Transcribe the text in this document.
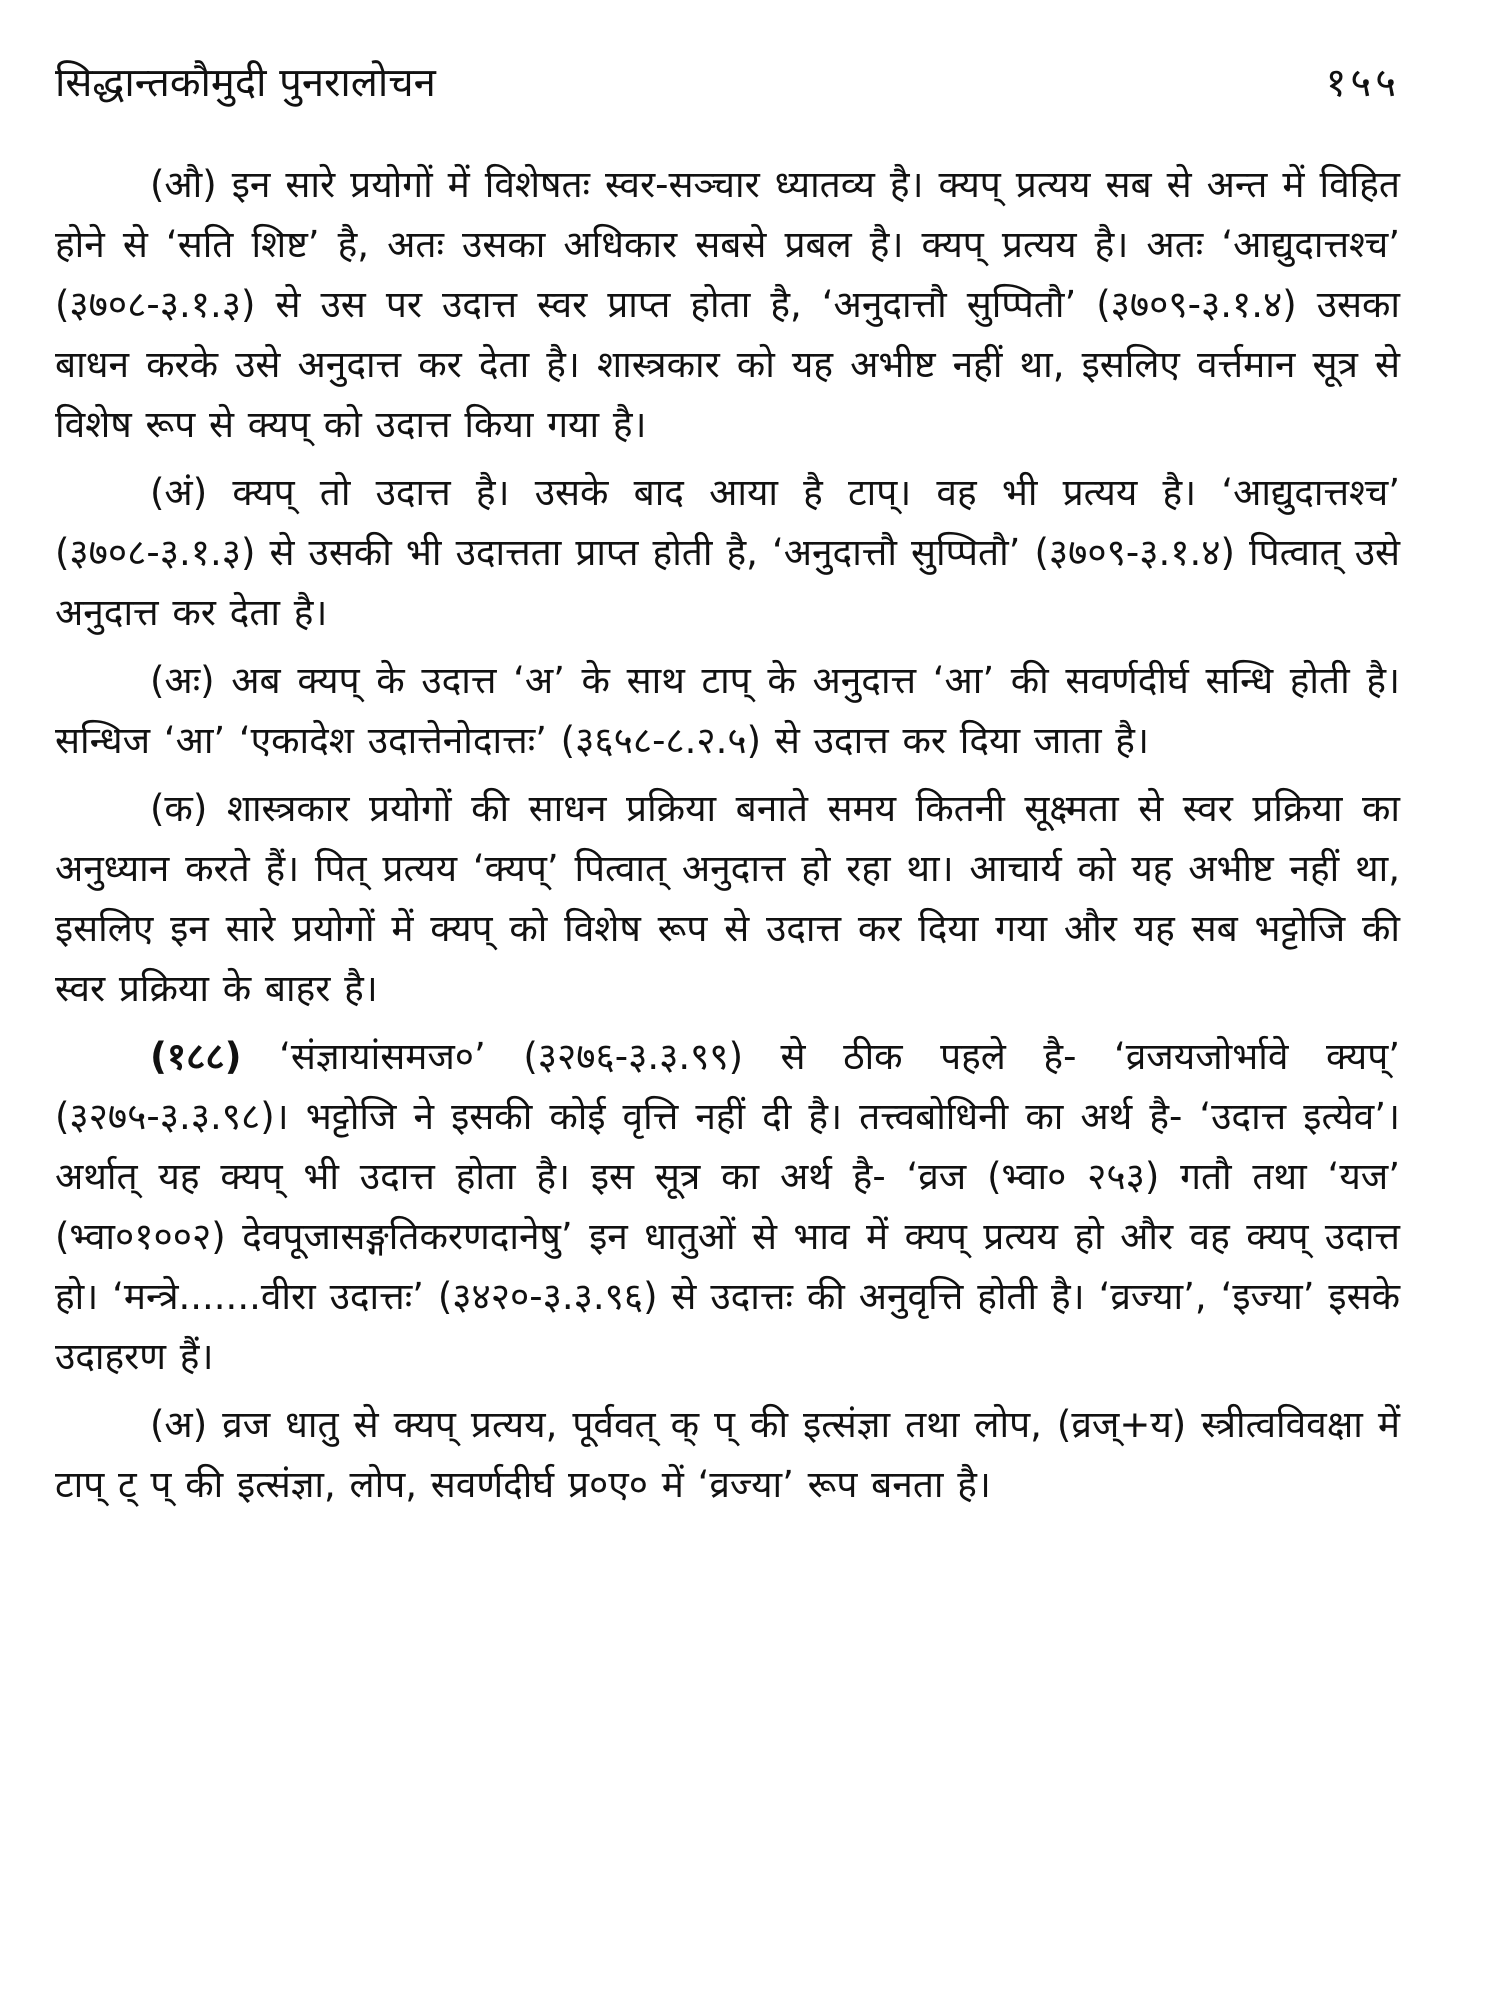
सिद्धान्तकौमुदी पुनरालोचन	१५५

(औ) इन सारे प्रयोगों में विशेषतः स्वर-सञ्चार ध्यातव्य है। क्यप् प्रत्यय सब से अन्त में विहित होने से ‘सति शिष्ट’ है, अतः उसका अधिकार सबसे प्रबल है। क्यप् प्रत्यय है। अतः ‘आद्युदात्तश्च’ (३७०८-३.१.३) से उस पर उदात्त स्वर प्राप्त होता है, ‘अनुदात्तौ सुप्पितौ’ (३७०९-३.१.४) उसका बाधन करके उसे अनुदात्त कर देता है। शास्त्रकार को यह अभीष्ट नहीं था, इसलिए वर्त्तमान सूत्र से विशेष रूप से क्यप् को उदात्त किया गया है।

(अं) क्यप् तो उदात्त है। उसके बाद आया है टाप्। वह भी प्रत्यय है। ‘आद्युदात्तश्च’ (३७०८-३.१.३) से उसकी भी उदात्तता प्राप्त होती है, ‘अनुदात्तौ सुप्पितौ’ (३७०९-३.१.४) पित्वात् उसे अनुदात्त कर देता है।

(अः) अब क्यप् के उदात्त ‘अ’ के साथ टाप् के अनुदात्त ‘आ’ की सवर्णदीर्घ सन्धि होती है। सन्धिज ‘आ’ ‘एकादेश उदात्तेनोदात्तः’ (३६५८-८.२.५) से उदात्त कर दिया जाता है।

(क) शास्त्रकार प्रयोगों की साधन प्रक्रिया बनाते समय कितनी सूक्ष्मता से स्वर प्रक्रिया का अनुध्यान करते हैं। पित् प्रत्यय ‘क्यप्’ पित्वात् अनुदात्त हो रहा था। आचार्य को यह अभीष्ट नहीं था, इसलिए इन सारे प्रयोगों में क्यप् को विशेष रूप से उदात्त कर दिया गया और यह सब भट्टोजि की स्वर प्रक्रिया के बाहर है।

(१८८) ‘संज्ञायांसमज०’ (३२७६-३.३.९९) से ठीक पहले है- ‘व्रजयजोर्भावे क्यप्’ (३२७५-३.३.९८)। भट्टोजि ने इसकी कोई वृत्ति नहीं दी है। तत्त्वबोधिनी का अर्थ है- ‘उदात्त इत्येव’। अर्थात् यह क्यप् भी उदात्त होता है। इस सूत्र का अर्थ है- ‘व्रज (भ्वा० २५३) गतौ तथा ‘यज’ (भ्वा०१००२) देवपूजासङ्गतिकरणदानेषु’ इन धातुओं से भाव में क्यप् प्रत्यय हो और वह क्यप् उदात्त हो। ‘मन्त्रे.......वीरा उदात्तः’ (३४२०-३.३.९६) से उदात्तः की अनुवृत्ति होती है। ‘व्रज्या’, ‘इज्या’ इसके उदाहरण हैं।

(अ) व्रज धातु से क्यप् प्रत्यय, पूर्ववत् क् प् की इत्संज्ञा तथा लोप, (व्रज्+य) स्त्रीत्वविवक्षा में टाप् ट् प् की इत्संज्ञा, लोप, सवर्णदीर्घ प्र०ए० में ‘व्रज्या’ रूप बनता है।
